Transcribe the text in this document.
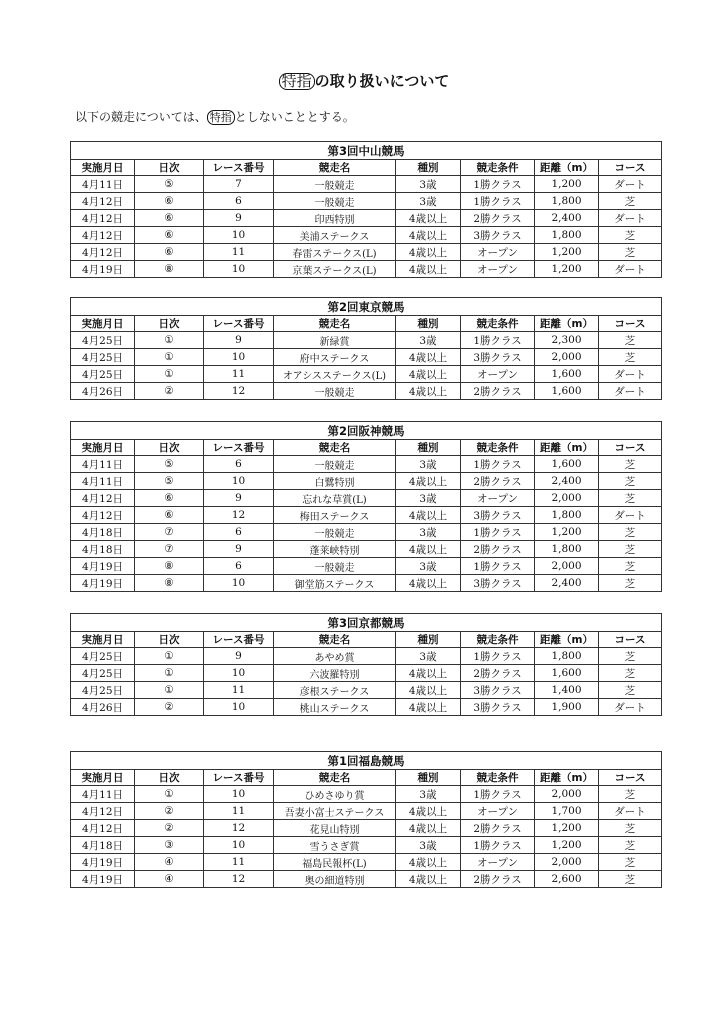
特指 の取り扱いについて
以下の競走については、 特指 としないこととする。
第3回中山競馬							
実施月日	日次	レース番号	競走名	種別	競走条件	距離（m）	コース
4月11日	⑤	7	一般競走	3歳	1勝クラス	1,200	ダート
4月12日	⑥	6	一般競走	3歳	1勝クラス	1,800	芝
4月12日	⑥	9	印西特別	4歳以上	2勝クラス	2,400	ダート
4月12日	⑥	10	美浦ステークス	4歳以上	3勝クラス	1,800	芝
4月12日	⑥	11	春雷ステークス(L)	4歳以上	オープン	1,200	芝
4月19日	⑧	10	京葉ステークス(L)	4歳以上	オープン	1,200	ダート
第2回東京競馬							
実施月日	日次	レース番号	競走名	種別	競走条件	距離（m）	コース
4月25日	①	9	新緑賞	3歳	1勝クラス	2,300	芝
4月25日	①	10	府中ステークス	4歳以上	3勝クラス	2,000	芝
4月25日	①	11	オアシスステークス(L)	4歳以上	オープン	1,600	ダート
4月26日	②	12	一般競走	4歳以上	2勝クラス	1,600	ダート
第2回阪神競馬							
実施月日	日次	レース番号	競走名	種別	競走条件	距離（m）	コース
4月11日	⑤	6	一般競走	3歳	1勝クラス	1,600	芝
4月11日	⑤	10	白鷺特別	4歳以上	2勝クラス	2,400	芝
4月12日	⑥	9	忘れな草賞(L)	3歳	オープン	2,000	芝
4月12日	⑥	12	梅田ステークス	4歳以上	3勝クラス	1,800	ダート
4月18日	⑦	6	一般競走	3歳	1勝クラス	1,200	芝
4月18日	⑦	9	蓬莱峡特別	4歳以上	2勝クラス	1,800	芝
4月19日	⑧	6	一般競走	3歳	1勝クラス	2,000	芝
4月19日	⑧	10	御堂筋ステークス	4歳以上	3勝クラス	2,400	芝
第3回京都競馬							
実施月日	日次	レース番号	競走名	種別	競走条件	距離（m）	コース
4月25日	①	9	あやめ賞	3歳	1勝クラス	1,800	芝
4月25日	①	10	六波羅特別	4歳以上	2勝クラス	1,600	芝
4月25日	①	11	彦根ステークス	4歳以上	3勝クラス	1,400	芝
4月26日	②	10	桃山ステークス	4歳以上	3勝クラス	1,900	ダート
第1回福島競馬							
実施月日	日次	レース番号	競走名	種別	競走条件	距離（m）	コース
4月11日	①	10	ひめさゆり賞	3歳	1勝クラス	2,000	芝
4月12日	②	11	吾妻小富士ステークス	4歳以上	オープン	1,700	ダート
4月12日	②	12	花見山特別	4歳以上	2勝クラス	1,200	芝
4月18日	③	10	雪うさぎ賞	3歳	1勝クラス	1,200	芝
4月19日	④	11	福島民報杯(L)	4歳以上	オープン	2,000	芝
4月19日	④	12	奥の細道特別	4歳以上	2勝クラス	2,600	芝
